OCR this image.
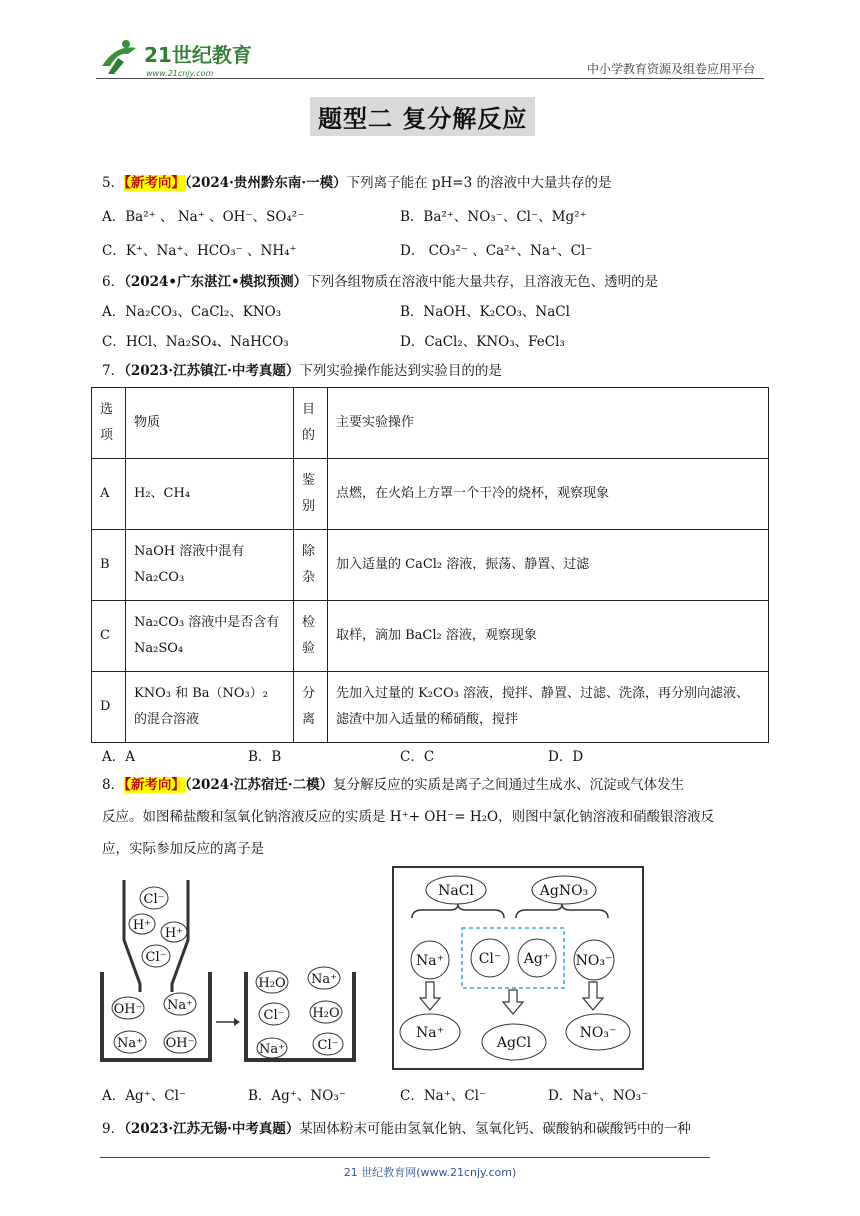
21世纪教育
www.21cnjy.com	中小学教育资源及组卷应用平台
题型二 复分解反应
5．【新考向】（2024·贵州黔东南·一模）下列离子能在 pH=3 的溶液中大量共存的是
A．Ba²⁺ 、 Na⁺ 、OH⁻、SO₄²⁻	B．Ba²⁺、NO₃⁻、Cl⁻、Mg²⁺
C．K⁺、Na⁺、HCO₃⁻ 、NH₄⁺	D． CO₃²⁻ 、Ca²⁺、Na⁺、Cl⁻
6．（2024•广东湛江•模拟预测）下列各组物质在溶液中能大量共存，且溶液无色、透明的是
A．Na₂CO₃、CaCl₂、KNO₃	B．NaOH、K₂CO₃、NaCl
C．HCl、Na₂SO₄、NaHCO₃	D．CaCl₂、KNO₃、FeCl₃
7．（2023·江苏镇江·中考真题）下列实验操作能达到实验目的的是
选项	物质	目的	主要实验操作
A	H₂、CH₄	鉴别	点燃，在火焰上方罩一个干冷的烧杯，观察现象
B	NaOH 溶液中混有Na₂CO₃	除杂	加入适量的 CaCl₂ 溶液，振荡、静置、过滤
C	Na₂CO₃ 溶液中是否含有 Na₂SO₄	检验	取样，滴加 BaCl₂ 溶液，观察现象
D	KNO₃ 和 Ba（NO₃）₂ 的混合溶液	分离	先加入过量的 K₂CO₃ 溶液，搅拌、静置、过滤、洗涤，再分别向滤液、滤渣中加入适量的稀硝酸，搅拌
A．A	B．B	C．C	D．D
8．【新考向】（2024·江苏宿迁·二模）复分解反应的实质是离子之间通过生成水、沉淀或气体发生
反应。如图稀盐酸和氢氧化钠溶液反应的实质是 H⁺+ OH⁻= H₂O，则图中氯化钠溶液和硝酸银溶液反
应，实际参加反应的离子是
Cl⁻
H⁺
H⁺
Cl⁻
OH⁻ Na⁺
Na⁺ OH⁻
H₂O Na⁺
Cl⁻ H₂O
Na⁺	Cl⁻
NaCl	AgNO₃
Na⁺ Cl⁻ Ag⁺ NO₃⁻
Na⁺
AgCl
NO₃⁻
A．Ag⁺、Cl⁻	B．Ag⁺、NO₃⁻	C．Na⁺、Cl⁻	D．Na⁺、NO₃⁻
9．（2023·江苏无锡·中考真题）某固体粉末可能由氢氧化钠、氢氧化钙、碳酸钠和碳酸钙中的一种
21 世纪教育网(www.21cnjy.com)
